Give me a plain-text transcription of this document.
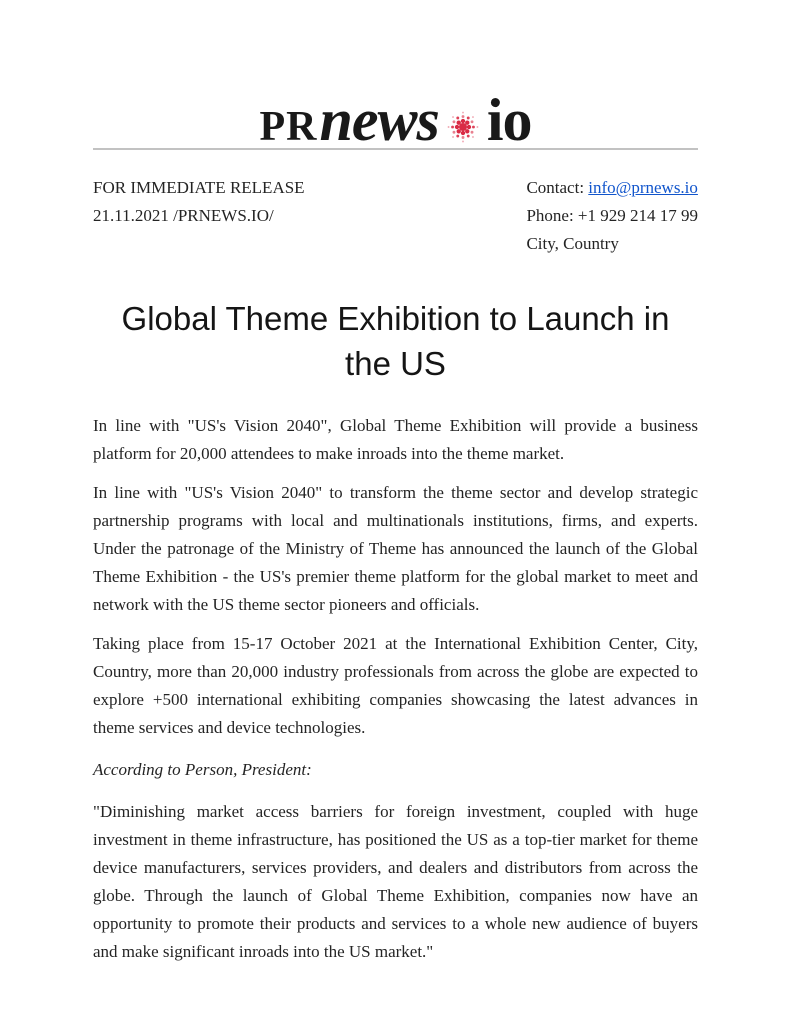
PR news io
FOR IMMEDIATE RELEASE
21.11.2021 /PRNEWS.IO/
Contact: info@prnews.io
Phone: +1 929 214 17 99
City, Country
Global Theme Exhibition to Launch in the US

In line with "US's Vision 2040", Global Theme Exhibition will provide a business platform for 20,000 attendees to make inroads into the theme market.

In line with "US's Vision 2040" to transform the theme sector and develop strategic partnership programs with local and multinationals institutions, firms, and experts. Under the patronage of the Ministry of Theme has announced the launch of the Global Theme Exhibition - the US's premier theme platform for the global market to meet and network with the US theme sector pioneers and officials.

Taking place from 15-17 October 2021 at the International Exhibition Center, City, Country, more than 20,000 industry professionals from across the globe are expected to explore +500 international exhibiting companies showcasing the latest advances in theme services and device technologies.

According to Person, President:

"Diminishing market access barriers for foreign investment, coupled with huge investment in theme infrastructure, has positioned the US as a top-tier market for theme device manufacturers, services providers, and dealers and distributors from across the globe. Through the launch of Global Theme Exhibition, companies now have an opportunity to promote their products and services to a whole new audience of buyers and make significant inroads into the US market."
